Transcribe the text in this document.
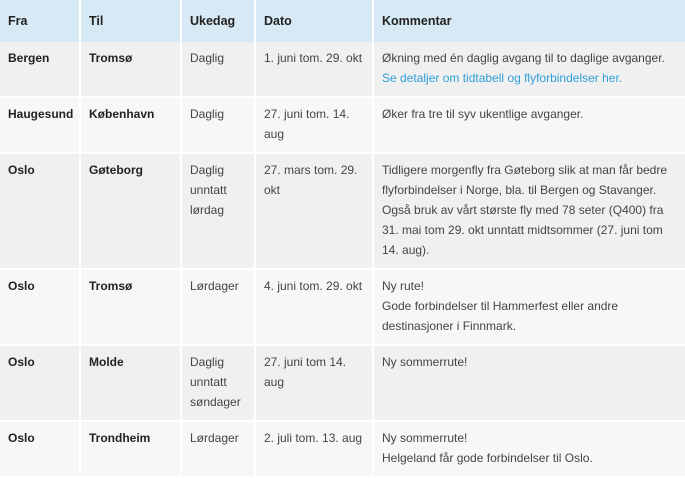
Fra	Til	Ukedag	Dato	Kommentar
Bergen	Tromsø	Daglig	1. juni tom. 29. okt	Økning med én daglig avgang til to daglige avganger.
Se detaljer om tidtabell og flyforbindelser her.

Haugesund	København	Daglig	27. juni tom. 14. aug	Øker fra tre til syv ukentlige avganger.

Oslo	Gøteborg	Daglig unntatt lørdag	27. mars tom. 29. okt	Tidligere morgenfly fra Gøteborg slik at man får bedre flyforbindelser i Norge, bla. til Bergen og Stavanger. Også bruk av vårt største fly med 78 seter (Q400) fra 31. mai tom 29. okt unntatt midtsommer (27. juni tom 14. aug).

Oslo	Tromsø	Lørdager	4. juni tom. 29. okt	Ny rute!
Gode forbindelser til Hammerfest eller andre destinasjoner i Finnmark.

Oslo	Molde	Daglig unntatt søndager	27. juni tom 14. aug	Ny sommerrute!

Oslo	Trondheim	Lørdager	2. juli tom. 13. aug	Ny sommerrute!
Helgeland får gode forbindelser til Oslo.
